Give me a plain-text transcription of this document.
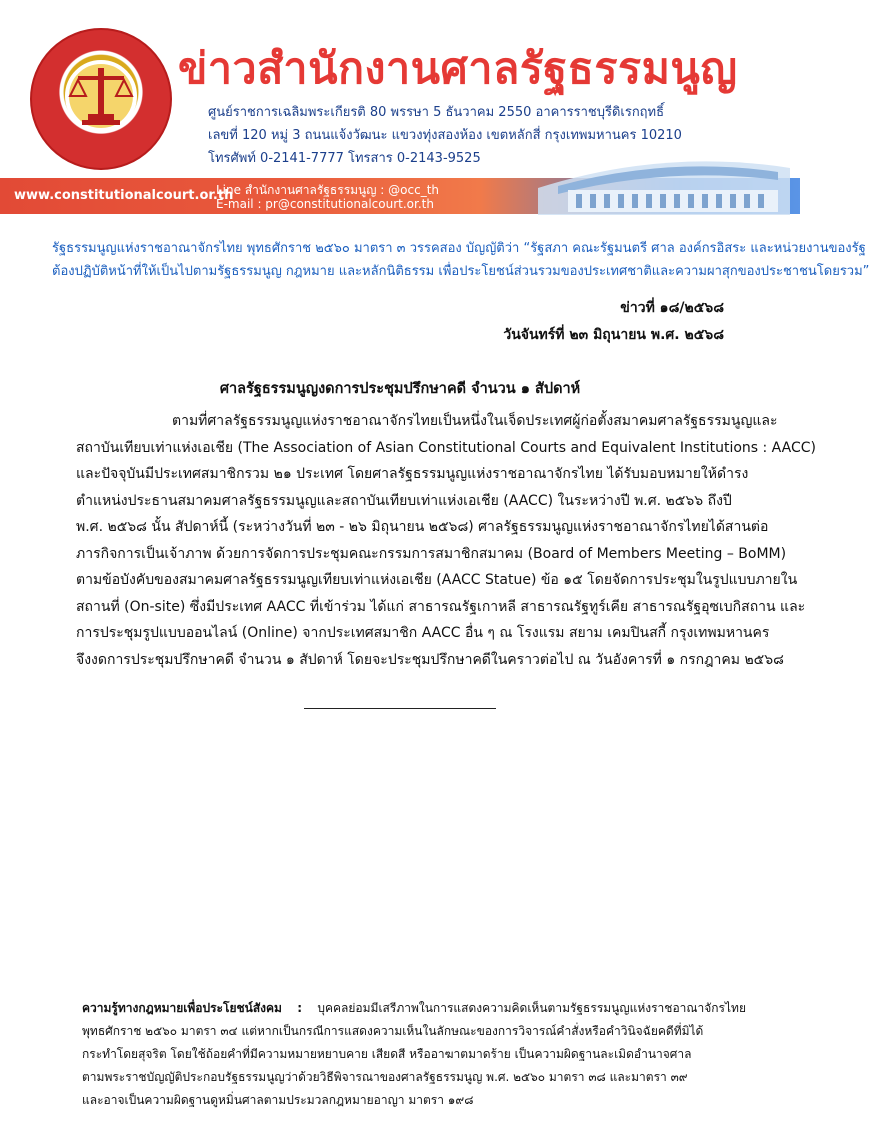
ข่าวสำนักงานศาลรัฐธรรมนูญ
ศูนย์ราชการเฉลิมพระเกียรติ 80 พรรษา 5 ธันวาคม 2550 อาคารราชบุรีดิเรกฤทธิ์
เลขที่ 120 หมู่ 3 ถนนแจ้งวัฒนะ แขวงทุ่งสองห้อง เขตหลักสี่ กรุงเทพมหานคร 10210
โทรศัพท์ 0-2141-7777 โทรสาร 0-2143-9525
www.constitutionalcourt.or.th
Line สำนักงานศาลรัฐธรรมนูญ : @occ_th
E-mail : pr@constitutionalcourt.or.th
รัฐธรรมนูญแห่งราชอาณาจักรไทย พุทธศักราช ๒๕๖๐ มาตรา ๓ วรรคสอง บัญญัติว่า “รัฐสภา คณะรัฐมนตรี ศาล องค์กรอิสระ และหน่วยงานของรัฐ
ต้องปฏิบัติหน้าที่ให้เป็นไปตามรัฐธรรมนูญ กฎหมาย และหลักนิติธรรม เพื่อประโยชน์ส่วนรวมของประเทศชาติและความผาสุกของประชาชนโดยรวม”
ข่าวที่ ๑๘/๒๕๖๘
วันจันทร์ที่ ๒๓ มิถุนายน พ.ศ. ๒๕๖๘
ศาลรัฐธรรมนูญงดการประชุมปรึกษาคดี จำนวน ๑ สัปดาห์
ตามที่ศาลรัฐธรรมนูญแห่งราชอาณาจักรไทยเป็นหนึ่งในเจ็ดประเทศผู้ก่อตั้งสมาคมศาลรัฐธรรมนูญและ
สถาบันเทียบเท่าแห่งเอเชีย (The Association of Asian Constitutional Courts and Equivalent Institutions : AACC)
และปัจจุบันมีประเทศสมาชิกรวม ๒๑ ประเทศ โดยศาลรัฐธรรมนูญแห่งราชอาณาจักรไทย ได้รับมอบหมายให้ดำรง
ตำแหน่งประธานสมาคมศาลรัฐธรรมนูญและสถาบันเทียบเท่าแห่งเอเชีย (AACC) ในระหว่างปี พ.ศ. ๒๕๖๖ ถึงปี
พ.ศ. ๒๕๖๘ นั้น สัปดาห์นี้ (ระหว่างวันที่ ๒๓ - ๒๖ มิถุนายน ๒๕๖๘) ศาลรัฐธรรมนูญแห่งราชอาณาจักรไทยได้สานต่อ
ภารกิจการเป็นเจ้าภาพ ด้วยการจัดการประชุมคณะกรรมการสมาชิกสมาคม (Board of Members Meeting – BoMM)
ตามข้อบังคับของสมาคมศาลรัฐธรรมนูญเทียบเท่าแห่งเอเชีย (AACC Statue) ข้อ ๑๕ โดยจัดการประชุมในรูปแบบภายใน
สถานที่ (On-site) ซึ่งมีประเทศ AACC ที่เข้าร่วม ได้แก่ สาธารณรัฐเกาหลี สาธารณรัฐทูร์เคีย สาธารณรัฐอุซเบกิสถาน และ
การประชุมรูปแบบออนไลน์ (Online) จากประเทศสมาชิก AACC อื่น ๆ ณ โรงแรม สยาม เคมปินสกี้ กรุงเทพมหานคร
จึงงดการประชุมปรึกษาคดี จำนวน ๑ สัปดาห์ โดยจะประชุมปรึกษาคดีในคราวต่อไป ณ วันอังคารที่ ๑ กรกฎาคม ๒๕๖๘
ความรู้ทางกฎหมายเพื่อประโยชน์สังคม : บุคคลย่อมมีเสรีภาพในการแสดงความคิดเห็นตามรัฐธรรมนูญแห่งราชอาณาจักรไทย
พุทธศักราช ๒๕๖๐ มาตรา ๓๔ แต่หากเป็นกรณีการแสดงความเห็นในลักษณะของการวิจารณ์คำสั่งหรือคำวินิจฉัยคดีที่มิได้
กระทำโดยสุจริต โดยใช้ถ้อยคำที่มีความหมายหยาบคาย เสียดสี หรืออาฆาตมาดร้าย เป็นความผิดฐานละเมิดอำนาจศาล
ตามพระราชบัญญัติประกอบรัฐธรรมนูญว่าด้วยวิธีพิจารณาของศาลรัฐธรรมนูญ พ.ศ. ๒๕๖๐ มาตรา ๓๘ และมาตรา ๓๙
และอาจเป็นความผิดฐานดูหมิ่นศาลตามประมวลกฎหมายอาญา มาตรา ๑๙๘
